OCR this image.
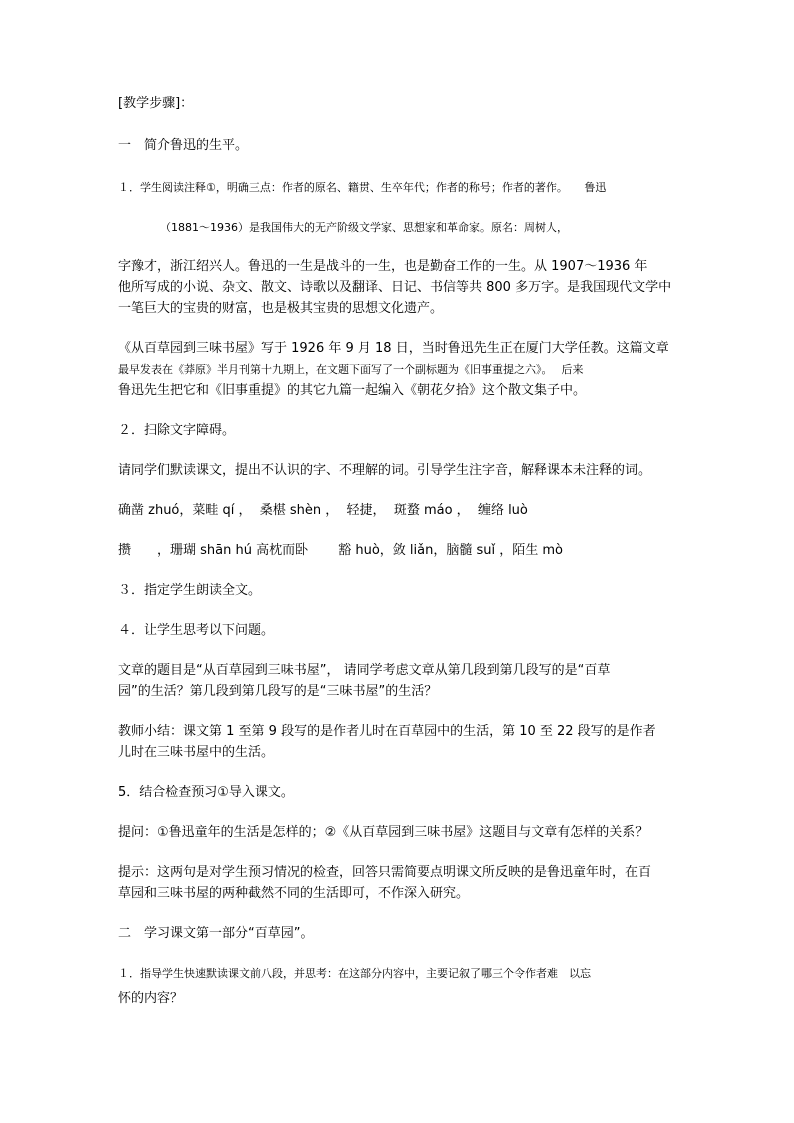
[教学步骤]：
一　简介鲁迅的生平。
１．学生阅读注释①，明确三点：作者的原名、籍贯、生卒年代；作者的称号；作者的著作。　　鲁迅
（1881～1936）是我国伟大的无产阶级文学家、思想家和革命家。原名：周树人，
字豫才，浙江绍兴人。鲁迅的一生是战斗的一生，也是勤奋工作的一生。从 1907～1936 年
他所写成的小说、杂文、散文、诗歌以及翻译、日记、书信等共 800 多万字。是我国现代文学中
一笔巨大的宝贵的财富，也是极其宝贵的思想文化遗产。
《从百草园到三味书屋》写于 1926 年 9 月 18 日，当时鲁迅先生正在厦门大学任教。这篇文章
最早发表在《莽原》半月刊第十九期上，在文题下面写了一个副标题为《旧事重提之六》。　 后来
鲁迅先生把它和《旧事重提》的其它九篇一起编入《朝花夕拾》这个散文集子中。
２．扫除文字障碍。
请同学们默读课文，提出不认识的字、不理解的词。引导学生注字音，解释课本未注释的词。
确凿 zhuó，菜畦 qí ，  桑椹 shèn ，  轻捷，  斑蝥 máo ，  缠络 luò
攒　　，珊瑚 shān hú 高枕而卧　　 豁 huò，敛 liǎn，脑髓 suǐ ，陌生 mò
３．指定学生朗读全文。
４．让学生思考以下问题。
文章的题目是“从百草园到三味书屋”， 请同学考虑文章从第几段到第几段写的是“百草
园”的生活？第几段到第几段写的是“三味书屋”的生活？
教师小结：课文第 1 至第 9 段写的是作者儿时在百草园中的生活，第 10 至 22 段写的是作者
儿时在三味书屋中的生活。
5．结合检查预习①导入课文。
提问：①鲁迅童年的生活是怎样的；②《从百草园到三味书屋》这题目与文章有怎样的关系？
提示：这两句是对学生预习情况的检查，回答只需简要点明课文所反映的是鲁迅童年时，在百
草园和三味书屋的两种截然不同的生活即可，不作深入研究。
二　学习课文第一部分“百草园”。
１．指导学生快速默读课文前八段，并思考：在这部分内容中，主要记叙了哪三个令作者难　以忘
怀的内容？
